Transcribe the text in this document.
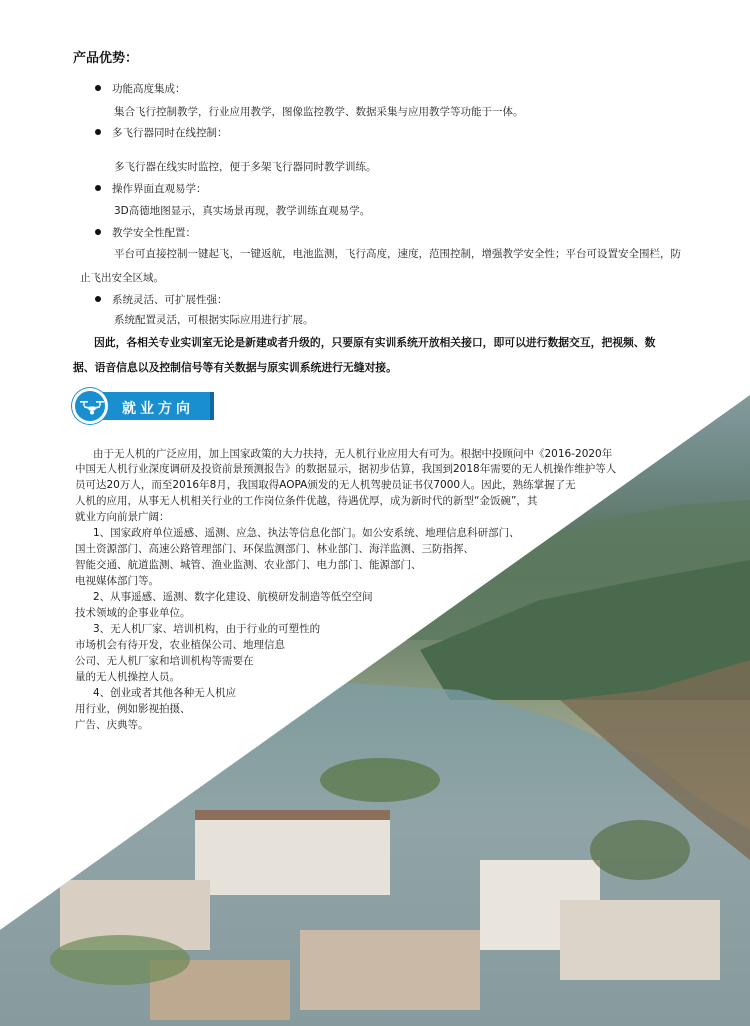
产品优势：
功能高度集成：
集合飞行控制教学，行业应用教学，图像监控教学、数据采集与应用教学等功能于一体。
多飞行器同时在线控制：
多飞行器在线实时监控，便于多架飞行器同时教学训练。
操作界面直观易学：
3D高德地图显示，真实场景再现，教学训练直观易学。
教学安全性配置：
平台可直接控制一键起飞，一键返航，电池监测，飞行高度，速度，范围控制，增强教学安全性；平台可设置安全围栏，防
止飞出安全区域。
系统灵活、可扩展性强：
系统配置灵活，可根据实际应用进行扩展。
因此，各相关专业实训室无论是新建或者升级的，只要原有实训系统开放相关接口，即可以进行数据交互，把视频、数据、语音信息以及控制信号等有关数据与原实训系统进行无缝对接。
就业方向
由于无人机的广泛应用，加上国家政策的大力扶持，无人机行业应用大有可为。根据中投顾问中《2016-2020年
中国无人机行业深度调研及投资前景预测报告》的数据显示，据初步估算，我国到2018年需要的无人机操作维护等人
员可达20万人，而至2016年8月，我国取得AOPA颁发的无人机驾驶员证书仅7000人。因此，熟练掌握了无
人机的应用，从事无人机相关行业的工作岗位条件优越，待遇优厚，成为新时代的新型“金饭碗”，其
就业方向前景广阔：
1、国家政府单位遥感、遥测、应急、执法等信息化部门。如公安系统、地理信息科研部门、
国土资源部门、高速公路管理部门、环保监测部门、林业部门、海洋监测、三防指挥、
智能交通、航道监测、城管、渔业监测、农业部门、电力部门、能源部门、
电视媒体部门等。
2、从事遥感、遥测、数字化建设、航模研发制造等低空空间
技术领域的企事业单位。
3、无人机厂家、培训机构，由于行业的可塑性的
市场机会有待开发，农业植保公司、地理信息
公司、无人机厂家和培训机构等需要在
量的无人机操控人员。
4、创业或者其他各种无人机应
用行业，例如影视拍摄、
广告、庆典等。
